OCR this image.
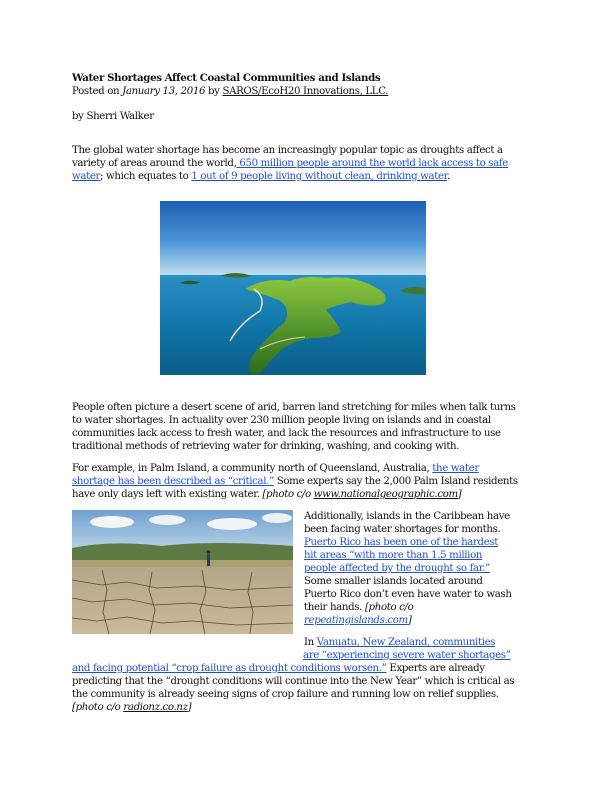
Water Shortages Affect Coastal Communities and Islands
Posted on January 13, 2016 by SAROS/EcoH20 Innovations, LLC.
by Sherri Walker
The global water shortage has become an increasingly popular topic as droughts affect a
variety of areas around the world, 650 million people around the world lack access to safe
water; which equates to 1 out of 9 people living without clean, drinking water.
People often picture a desert scene of arid, barren land stretching for miles when talk turns
to water shortages. In actuality over 230 million people living on islands and in coastal
communities lack access to fresh water, and lack the resources and infrastructure to use
traditional methods of retrieving water for drinking, washing, and cooking with.
For example, in Palm Island, a community north of Queensland, Australia, the water
shortage has been described as “critical.” Some experts say the 2,000 Palm Island residents
have only days left with existing water. [photo c/o www.nationalgeographic.com]
Additionally, islands in the Caribbean have
been facing water shortages for months.
Puerto Rico has been one of the hardest
hit areas “with more than 1.5 million
people affected by the drought so far.”
Some smaller islands located around
Puerto Rico don’t even have water to wash
their hands. [photo c/o
repeatingislands.com]
In Vanuatu, New Zealand, communities
are “experiencing severe water shortages”
and facing potential “crop failure as drought conditions worsen.” Experts are already
predicting that the “drought conditions will continue into the New Year” which is critical as
the community is already seeing signs of crop failure and running low on relief supplies.
[photo c/o radionz.co.nz]
